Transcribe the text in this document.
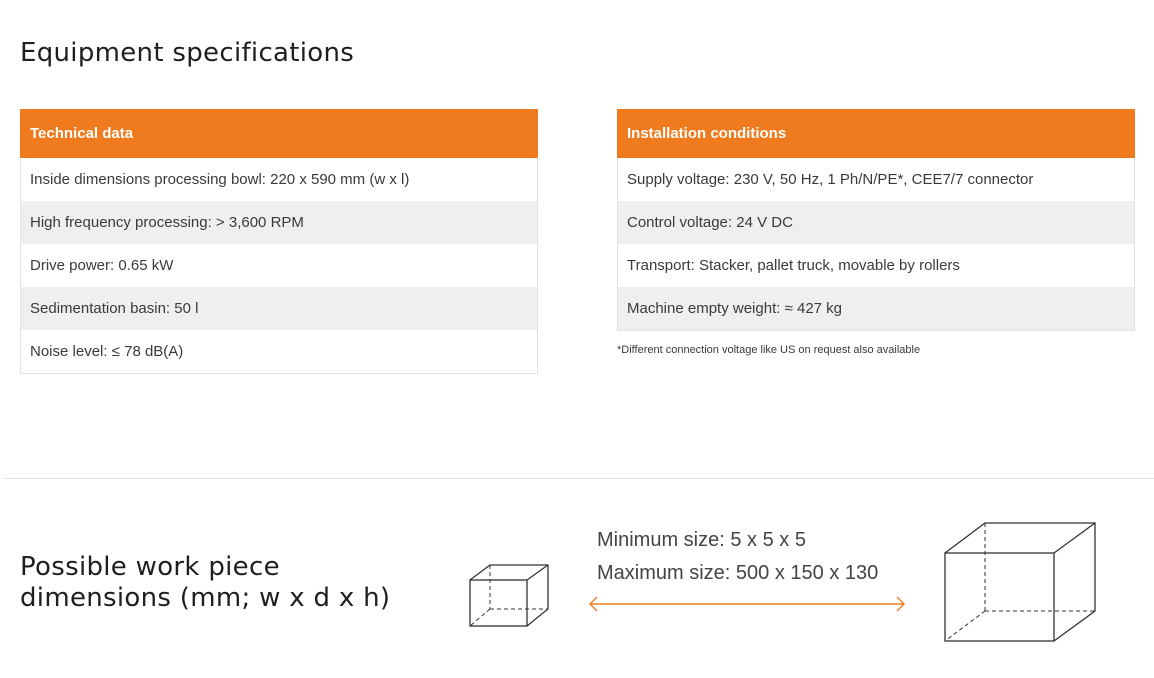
Equipment specifications
Technical data
Inside dimensions processing bowl: 220 x 590 mm (w x l)
High frequency processing: > 3,600 RPM
Drive power: 0.65 kW
Sedimentation basin: 50 l
Noise level: ≤ 78 dB(A)
Installation conditions
Supply voltage: 230 V, 50 Hz, 1 Ph/N/PE*, CEE7/7 connector
Control voltage: 24 V DC
Transport: Stacker, pallet truck, movable by rollers
Machine empty weight: ≈ 427 kg
*Different connection voltage like US on request also available
Possible work piece
dimensions (mm; w x d x h)
Minimum size: 5 x 5 x 5
Maximum size: 500 x 150 x 130
